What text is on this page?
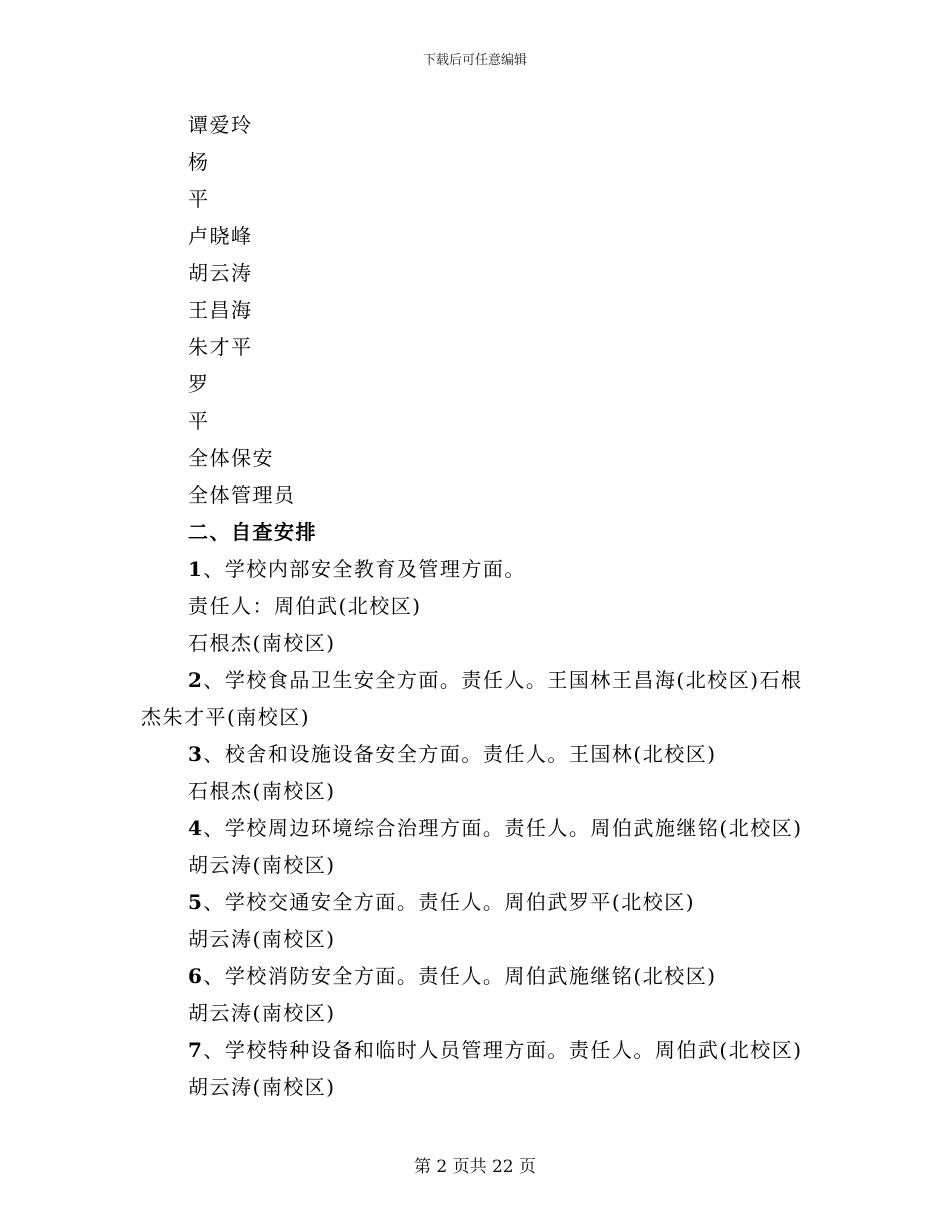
下载后可任意编辑

谭爱玲

杨

平

卢晓峰

胡云涛

王昌海

朱才平

罗

平

全体保安

全体管理员

二、自查安排

1、学校内部安全教育及管理方面。

责任人：周伯武(北校区)

石根杰(南校区)

2、学校食品卫生安全方面。责任人。王国林王昌海(北校区)石根杰朱才平(南校区)

3、校舍和设施设备安全方面。责任人。王国林(北校区)

石根杰(南校区)

4、学校周边环境综合治理方面。责任人。周伯武施继铭(北校区)

胡云涛(南校区)

5、学校交通安全方面。责任人。周伯武罗平(北校区)

胡云涛(南校区)

6、学校消防安全方面。责任人。周伯武施继铭(北校区)

胡云涛(南校区)

7、学校特种设备和临时人员管理方面。责任人。周伯武(北校区)

胡云涛(南校区)

第 2 页共 22 页
